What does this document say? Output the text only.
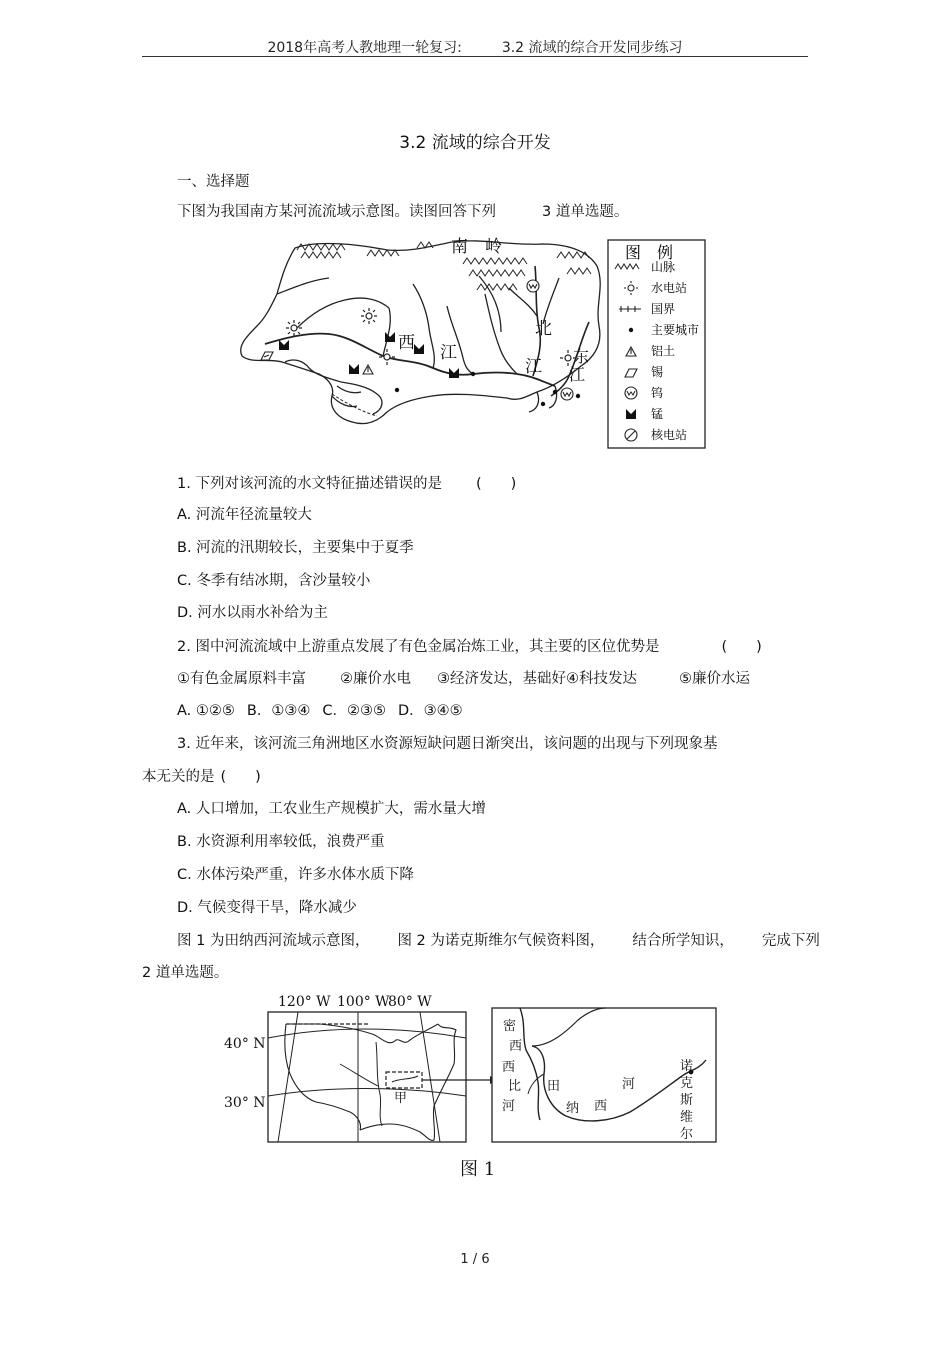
2018年高考人教地理一轮复习:	3.2 流域的综合开发同步练习
3.2 流域的综合开发
一、选择题
下图为我国南方某河流流域示意图。读图回答下列	3 道单选题。
南　岭
西 江
北
江
东
江
图　例
山脉
水电站
国界
主要城市
铝土
锡
钨
锰
核电站
1. 下列对该河流的水文特征描述错误的是 (　　)
A. 河流年径流量较大
B. 河流的汛期较长，主要集中于夏季
C. 冬季有结冰期，含沙量较小
D. 河水以雨水补给为主
2. 图中河流流域中上游重点发展了有色金属冶炼工业，其主要的区位优势是	(　　)
①有色金属原料丰富 ②廉价水电 ③经济发达，基础好④科技发达	⑤廉价水运
A. ①②⑤ B．①③④ C．②③⑤ D．③④⑤
3. 近年来，该河流三角洲地区水资源短缺问题日渐突出，该问题的出现与下列现象基
本无关的是 (　　)
A. 人口增加，工农业生产规模扩大，需水量大增
B. 水资源利用率较低，浪费严重
C. 水体污染严重，许多水体水质下降
D. 气候变得干旱，降水减少
图 1 为田纳西河流域示意图， 图 2 为诺克斯维尔气候资料图， 结合所学知识， 完成下列
2 道单选题。
120° W 100° W
80° W
40° N
30° N	甲
密
西
西
比
河
田
纳 西
河
诺
克
斯
维
尔
图 1
1 / 6
